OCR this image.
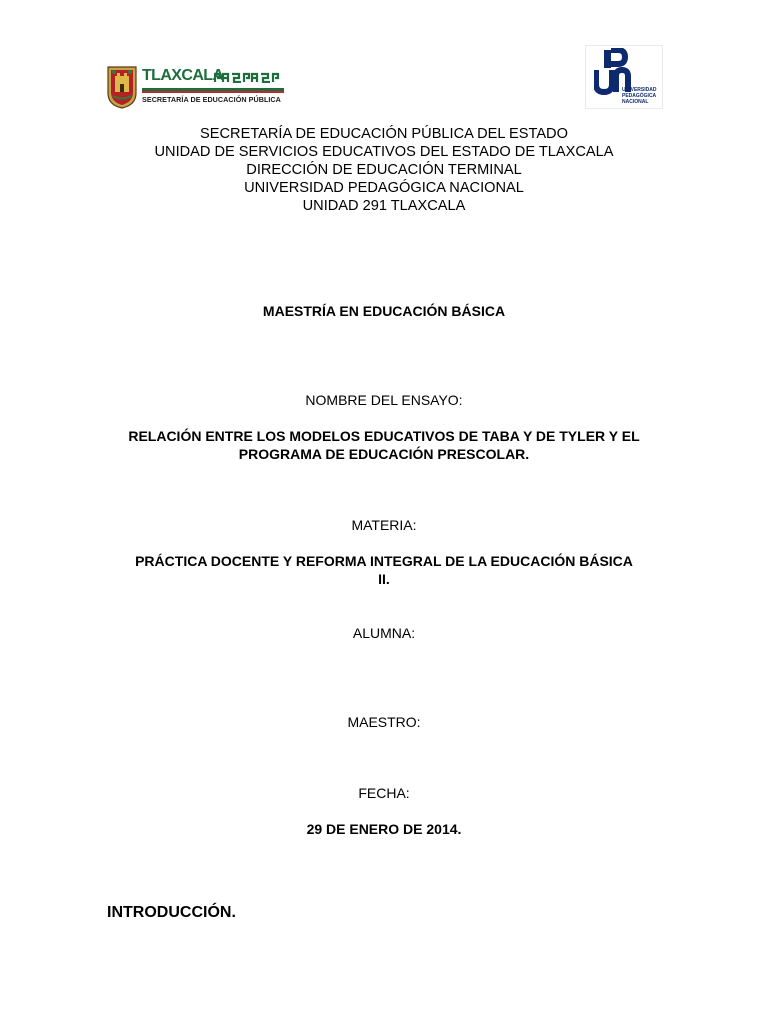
TLAXCALA
SECRETARÍA DE EDUCACIÓN PÚBLICA
UNIVERSIDAD
PEDAGÓGICA
NACIONAL
SECRETARÍA DE EDUCACIÓN PÚBLICA DEL ESTADO
UNIDAD DE SERVICIOS EDUCATIVOS DEL ESTADO DE TLAXCALA
DIRECCIÓN DE EDUCACIÓN TERMINAL
UNIVERSIDAD PEDAGÓGICA NACIONAL
UNIDAD 291 TLAXCALA
MAESTRÍA EN EDUCACIÓN BÁSICA
NOMBRE DEL ENSAYO:
RELACIÓN ENTRE LOS MODELOS EDUCATIVOS DE TABA Y DE TYLER Y EL
PROGRAMA DE EDUCACIÓN PRESCOLAR.
MATERIA:
PRÁCTICA DOCENTE Y REFORMA INTEGRAL DE LA EDUCACIÓN BÁSICA
II.
ALUMNA:
MAESTRO:
FECHA:
29 DE ENERO DE 2014.
INTRODUCCIÓN.
